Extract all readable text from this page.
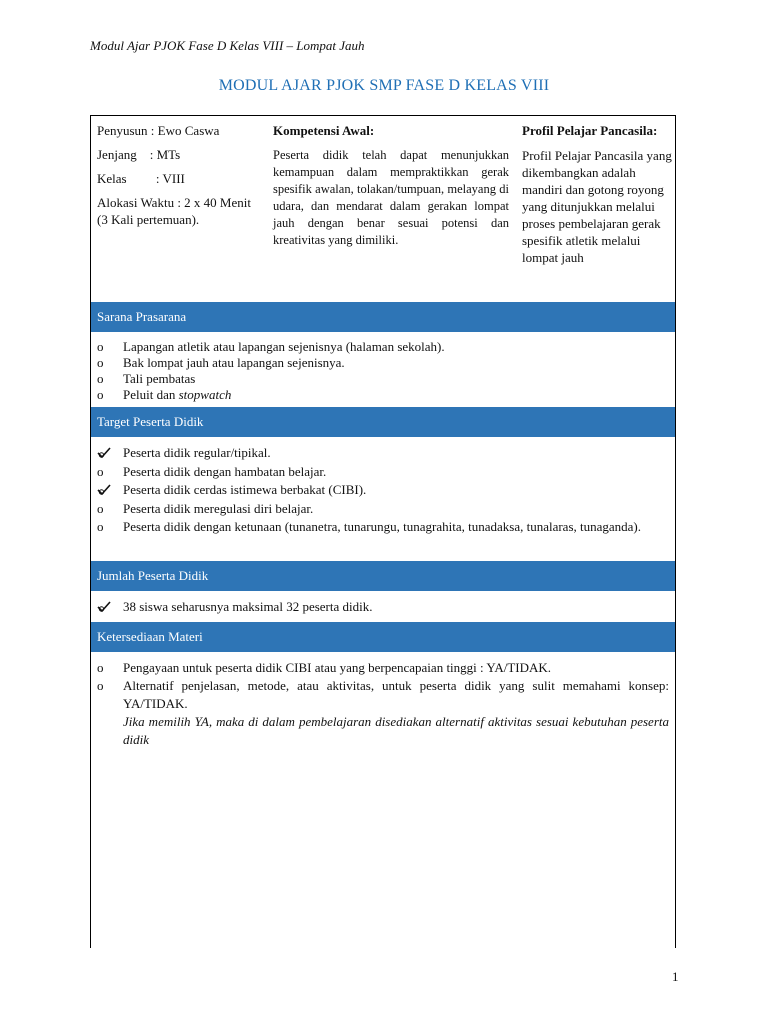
Modul Ajar PJOK Fase D Kelas VIII – Lompat Jauh
MODUL AJAR PJOK SMP FASE D KELAS VIII
Penyusun : Ewo Caswa
Jenjang    : MTs
Kelas         : VIII
Alokasi Waktu : 2 x 40 Menit (3 Kali pertemuan).
Kompetensi Awal:
Peserta didik telah dapat menunjukkan kemampuan dalam mempraktikkan gerak spesifik awalan, tolakan/tumpuan, melayang di udara, dan mendarat dalam gerakan lompat jauh dengan benar sesuai potensi dan kreativitas yang dimiliki.
Profil Pelajar Pancasila:
Profil Pelajar Pancasila yang dikembangkan adalah mandiri dan gotong royong yang ditunjukkan melalui proses pembelajaran gerak spesifik atletik melalui lompat jauh
Sarana Prasarana
o	Lapangan atletik atau lapangan sejenisnya (halaman sekolah).
o	Bak lompat jauh atau lapangan sejenisnya.
o	Tali pembatas
o	Peluit dan stopwatch
Target Peserta Didik
Peserta didik regular/tipikal.
o	Peserta didik dengan hambatan belajar.
Peserta didik cerdas istimewa berbakat (CIBI).
o	Peserta didik meregulasi diri belajar.
o	Peserta didik dengan ketunaan (tunanetra, tunarungu, tunagrahita, tunadaksa, tunalaras, tunaganda).
Jumlah Peserta Didik
38 siswa seharusnya maksimal 32 peserta didik.
Ketersediaan Materi
o	Pengayaan untuk peserta didik CIBI atau yang berpencapaian tinggi : YA/TIDAK.
o	Alternatif penjelasan, metode, atau aktivitas, untuk peserta didik yang sulit memahami konsep: YA/TIDAK.
Jika memilih YA, maka di dalam pembelajaran disediakan alternatif aktivitas sesuai kebutuhan peserta didik
1
